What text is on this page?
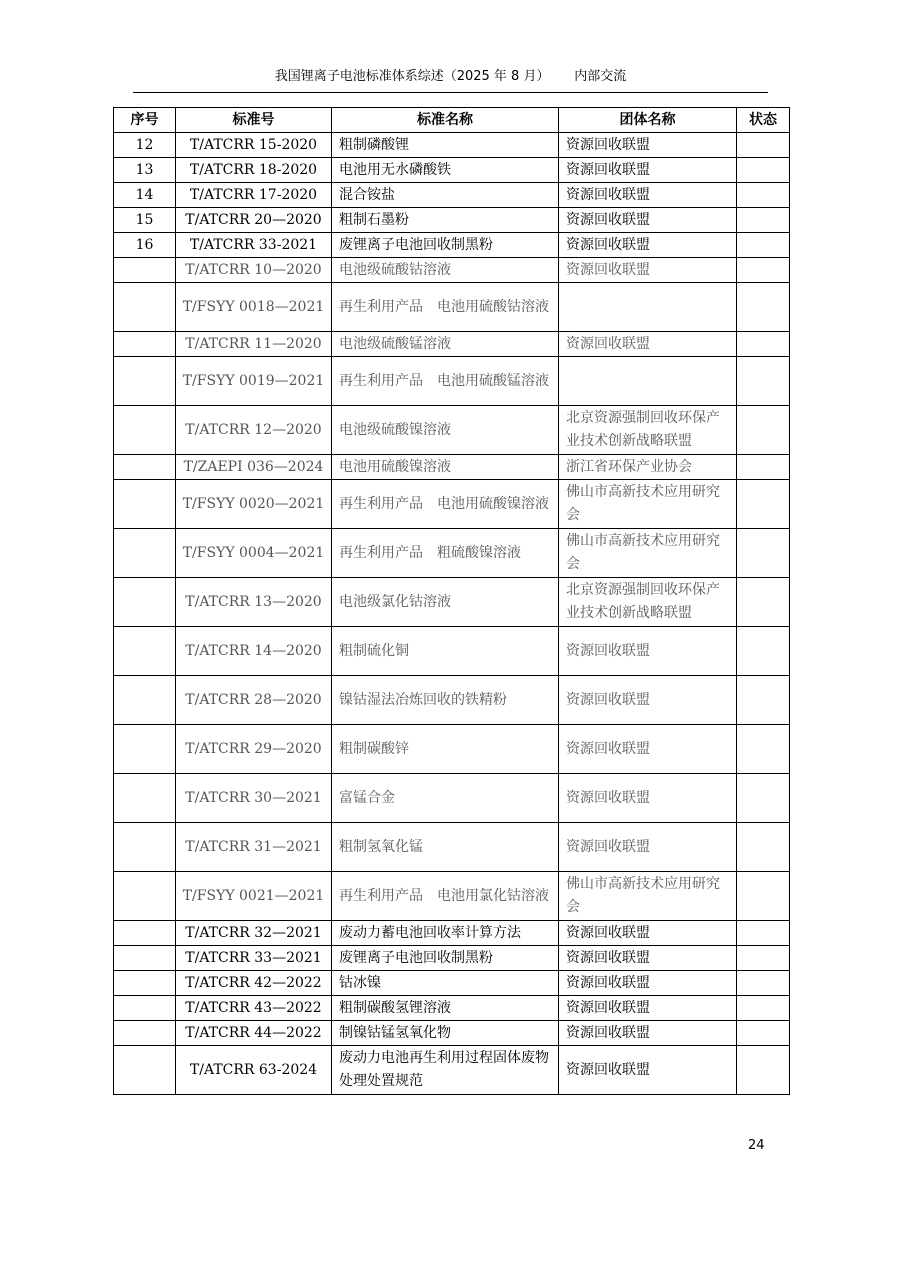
我国锂离子电池标准体系综述（2025 年 8 月） 内部交流
序号	标准号	标准名称	团体名称	状态
12	T/ATCRR 15-2020	粗制磷酸锂	资源回收联盟	
13	T/ATCRR 18-2020	电池用无水磷酸铁	资源回收联盟	
14	T/ATCRR 17-2020	混合铵盐	资源回收联盟	
15	T/ATCRR 20—2020	粗制石墨粉	资源回收联盟	
16	T/ATCRR 33-2021	废锂离子电池回收制黑粉	资源回收联盟	
	T/ATCRR 10—2020	电池级硫酸钴溶液	资源回收联盟	
	T/FSYY 0018—2021	再生利用产品　电池用硫酸钴溶液		
	T/ATCRR 11—2020	电池级硫酸锰溶液	资源回收联盟	
	T/FSYY 0019—2021	再生利用产品　电池用硫酸锰溶液		
	T/ATCRR 12—2020	电池级硫酸镍溶液	北京资源强制回收环保产业技术创新战略联盟	
	T/ZAEPI 036—2024	电池用硫酸镍溶液	浙江省环保产业协会	
	T/FSYY 0020—2021	再生利用产品　电池用硫酸镍溶液	佛山市高新技术应用研究会	
	T/FSYY 0004—2021	再生利用产品　粗硫酸镍溶液	佛山市高新技术应用研究会	
	T/ATCRR 13—2020	电池级氯化钴溶液	北京资源强制回收环保产业技术创新战略联盟	
	T/ATCRR 14—2020	粗制硫化铜	资源回收联盟	
	T/ATCRR 28—2020	镍钴湿法冶炼回收的铁精粉	资源回收联盟	
	T/ATCRR 29—2020	粗制碳酸锌	资源回收联盟	
	T/ATCRR 30—2021	富锰合金	资源回收联盟	
	T/ATCRR 31—2021	粗制氢氧化锰	资源回收联盟	
	T/FSYY 0021—2021	再生利用产品　电池用氯化钴溶液	佛山市高新技术应用研究会	
	T/ATCRR 32—2021	废动力蓄电池回收率计算方法	资源回收联盟	
	T/ATCRR 33—2021	废锂离子电池回收制黑粉	资源回收联盟	
	T/ATCRR 42—2022	钴冰镍	资源回收联盟	
	T/ATCRR 43—2022	粗制碳酸氢锂溶液	资源回收联盟	
	T/ATCRR 44—2022	制镍钴锰氢氧化物	资源回收联盟	
	T/ATCRR 63-2024	废动力电池再生利用过程固体废物处理处置规范	资源回收联盟	
24
